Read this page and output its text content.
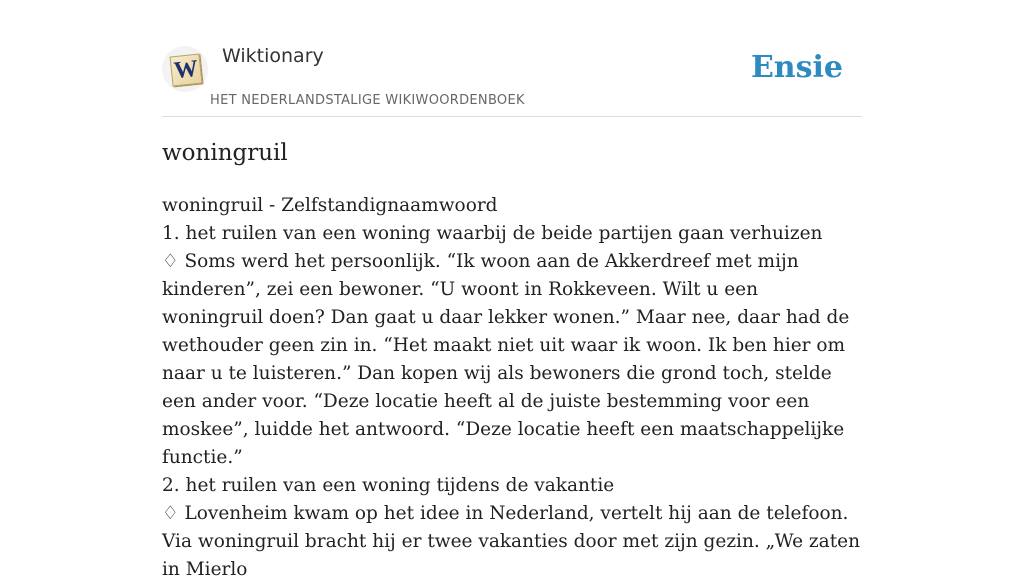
W Wiktionary
HET NEDERLANDSTALIGE WIKIWOORDENBOEK
Ensie
woningruil
woningruil - Zelfstandignaamwoord
1. het ruilen van een woning waarbij de beide partijen gaan verhuizen
♢ Soms werd het persoonlijk. “Ik woon aan de Akkerdreef met mijn kinderen”, zei een bewoner. “U woont in Rokkeveen. Wilt u een woningruil doen? Dan gaat u daar lekker wonen.” Maar nee, daar had de wethouder geen zin in. “Het maakt niet uit waar ik woon. Ik ben hier om naar u te luisteren.” Dan kopen wij als bewoners die grond toch, stelde een ander voor. “Deze locatie heeft al de juiste bestemming voor een moskee”, luidde het antwoord. “Deze locatie heeft een maatschappelijke functie.”
2. het ruilen van een woning tijdens de vakantie
♢ Lovenheim kwam op het idee in Nederland, vertelt hij aan de telefoon. Via woningruil bracht hij er twee vakanties door met zijn gezin. „We zaten in Mierlo
